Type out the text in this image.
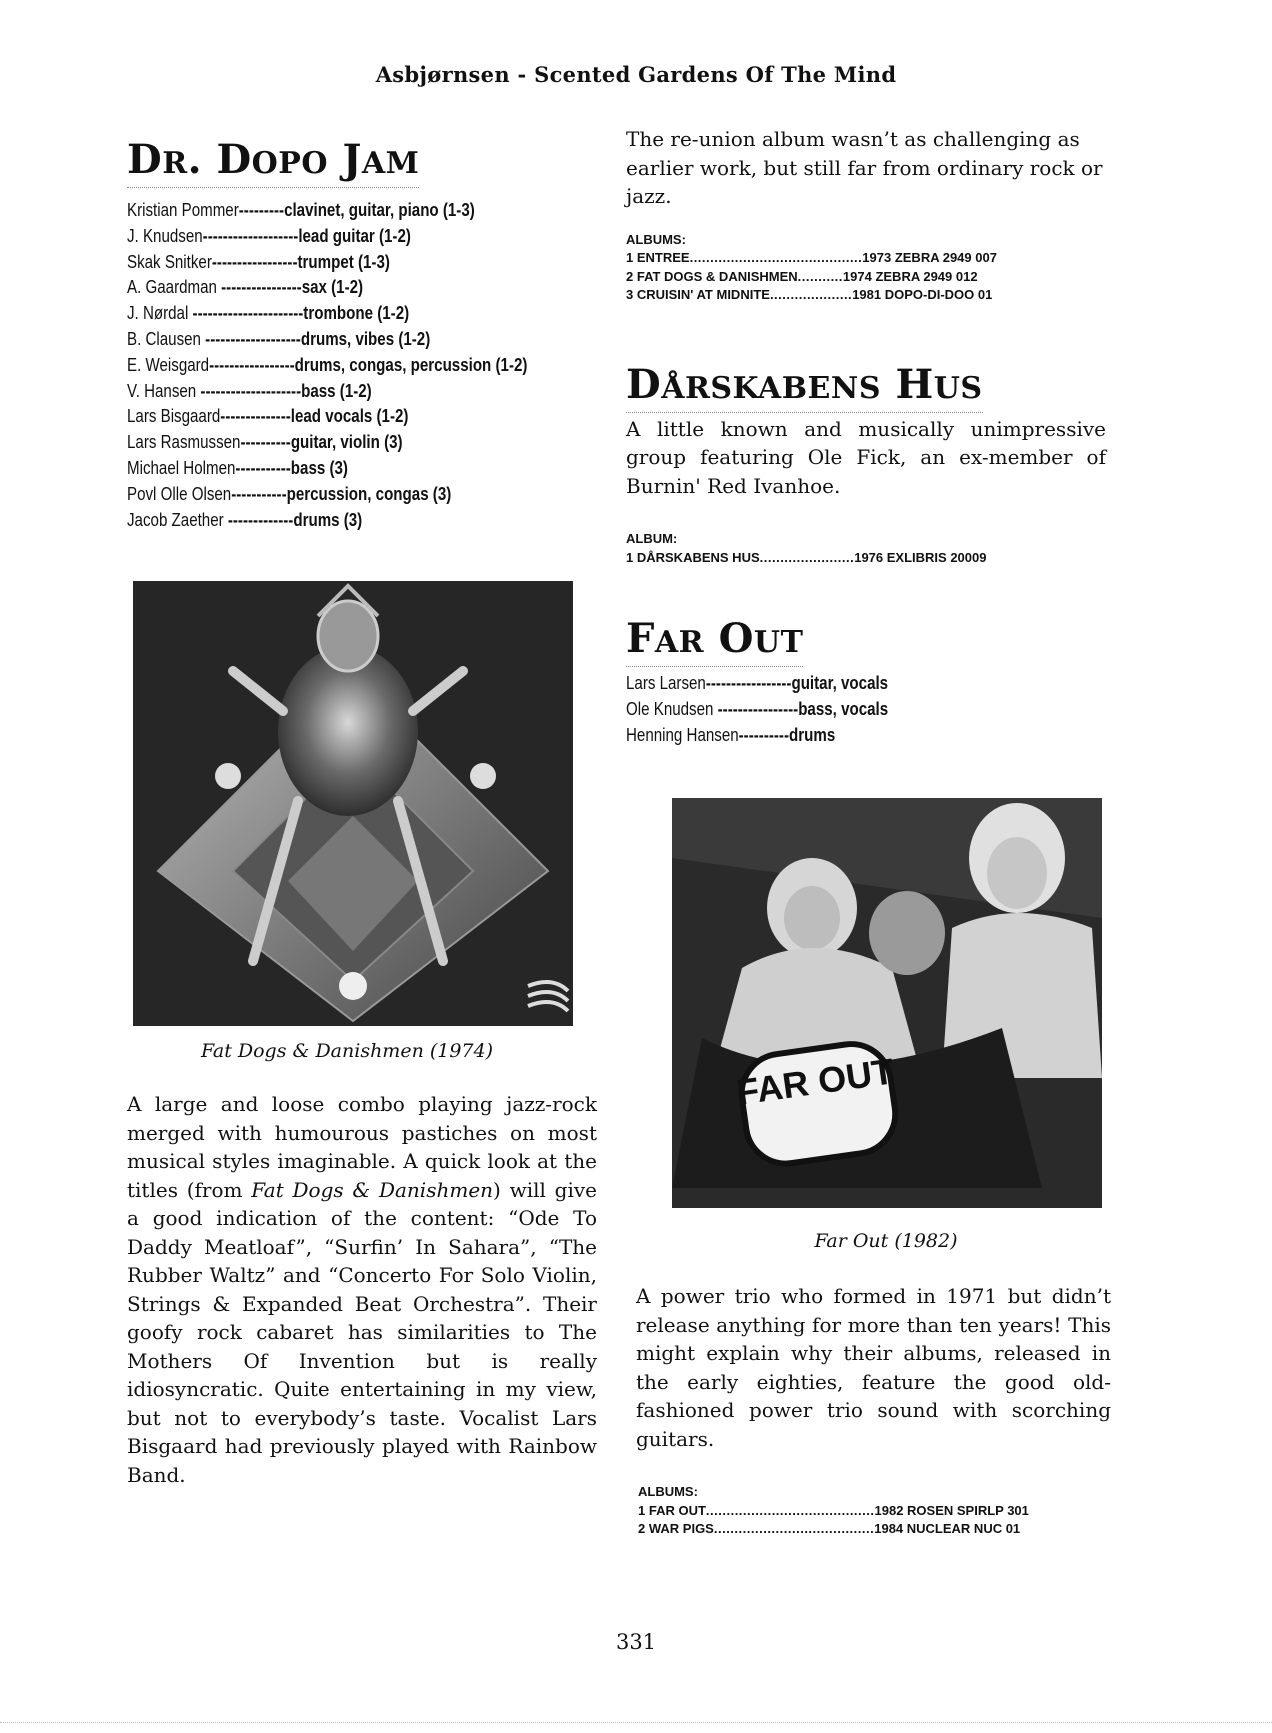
Asbjørnsen - Scented Gardens Of The Mind
DR. DOPO JAM
Kristian Pommer---------clavinet, guitar, piano (1-3)
J. Knudsen-------------------lead guitar (1-2)
Skak Snitker-----------------trumpet (1-3)
A. Gaardman ----------------sax (1-2)
J. Nørdal ----------------------trombone (1-2)
B. Clausen -------------------drums, vibes (1-2)
E. Weisgard-----------------drums, congas, percussion (1-2)
V. Hansen --------------------bass (1-2)
Lars Bisgaard--------------lead vocals (1-2)
Lars Rasmussen----------guitar, violin (3)
Michael Holmen-----------bass (3)
Povl Olle Olsen-----------percussion, congas (3)
Jacob Zaether -------------drums (3)
Fat Dogs & Danishmen (1974)

A large and loose combo playing jazz-rock merged with humourous pastiches on most musical styles imaginable. A quick look at the titles (from Fat Dogs & Danishmen) will give a good indication of the content: “Ode To Daddy Meatloaf”, “Surfin’ In Sahara”, “The Rubber Waltz” and “Concerto For Solo Violin, Strings & Expanded Beat Orchestra”. Their goofy rock cabaret has similarities to The Mothers Of Invention but is really idiosyncratic. Quite entertaining in my view, but not to everybody’s taste. Vocalist Lars Bisgaard had previously played with Rainbow Band.

The re-union album wasn’t as challenging as earlier work, but still far from ordinary rock or jazz.

ALBUMS:
1 ENTREE .......................................... 1973 ZEBRA 2949 007
2 FAT DOGS & DANISHMEN ........... 1974 ZEBRA 2949 012
3 CRUISIN' AT MIDNITE .................... 1981 DOPO-DI-DOO 01
DÅRSKABENS HUS

A little known and musically unimpressive group featuring Ole Fick, an ex-member of Burnin' Red Ivanhoe.

ALBUM:
1 DÅRSKABENS HUS ....................... 1976 EXLIBRIS 20009
FAR OUT
Lars Larsen-----------------guitar, vocals
Ole Knudsen ----------------bass, vocals
Henning Hansen----------drums
FAR OUT
Far Out (1982)

A power trio who formed in 1971 but didn’t release anything for more than ten years! This might explain why their albums, released in the early eighties, feature the good old-fashioned power trio sound with scorching guitars.

ALBUMS:
1 FAR OUT ......................................... 1982 ROSEN SPIRLP 301
2 WAR PIGS ....................................... 1984 NUCLEAR NUC 01
331
